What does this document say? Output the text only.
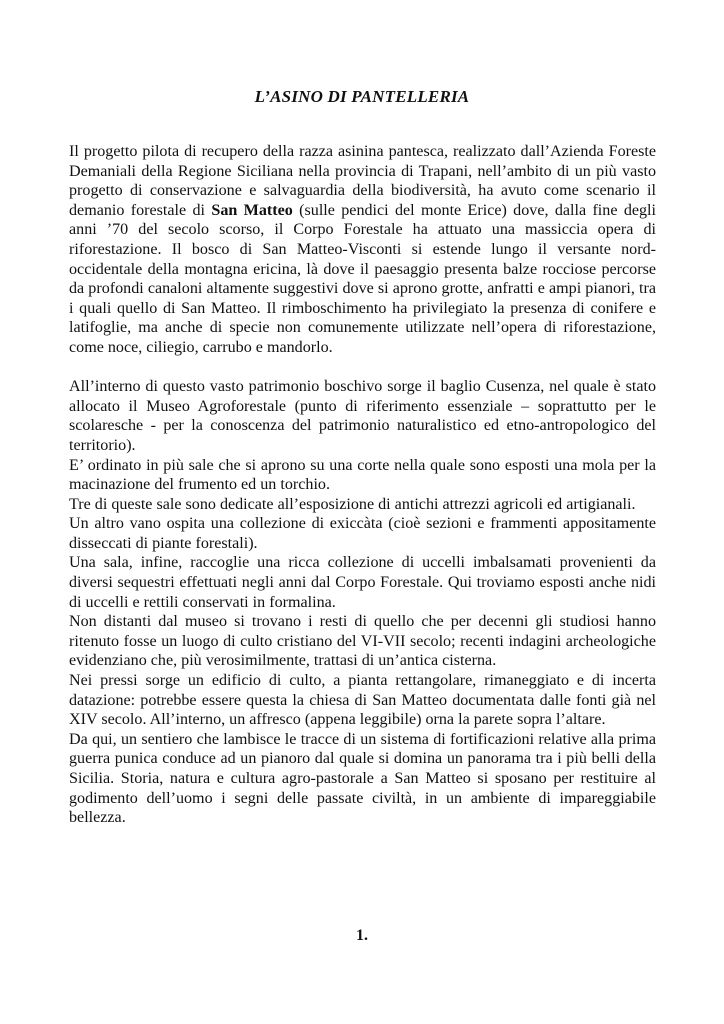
L’ASINO DI PANTELLERIA

Il progetto pilota di recupero della razza asinina pantesca, realizzato dall’Azienda Foreste Demaniali della Regione Siciliana nella provincia di Trapani, nell’ambito di un più vasto progetto di conservazione e salvaguardia della biodiversità, ha avuto come scenario il demanio forestale di San Matteo (sulle pendici del monte Erice) dove, dalla fine degli anni ’70 del secolo scorso, il Corpo Forestale ha attuato una massiccia opera di riforestazione. Il bosco di San Matteo-Visconti si estende lungo il versante nord-occidentale della montagna ericina, là dove il paesaggio presenta balze rocciose percorse da profondi canaloni altamente suggestivi dove si aprono grotte, anfratti e ampi pianori, tra i quali quello di San Matteo. Il rimboschimento ha privilegiato la presenza di conifere e latifoglie, ma anche di specie non comunemente utilizzate nell’opera di riforestazione, come noce, ciliegio, carrubo e mandorlo.

All’interno di questo vasto patrimonio boschivo sorge il baglio Cusenza, nel quale è stato allocato il Museo Agroforestale (punto di riferimento essenziale – soprattutto per le scolaresche - per la conoscenza del patrimonio naturalistico ed etno-antropologico del territorio).

E’ ordinato in più sale che si aprono su una corte nella quale sono esposti una mola per la macinazione del frumento ed un torchio.

Tre di queste sale sono dedicate all’esposizione di antichi attrezzi agricoli ed artigianali.

Un altro vano ospita una collezione di exiccàta (cioè sezioni e frammenti appositamente disseccati di piante forestali).

Una sala, infine, raccoglie una ricca collezione di uccelli imbalsamati provenienti da diversi sequestri effettuati negli anni dal Corpo Forestale. Qui troviamo esposti anche nidi di uccelli e rettili conservati in formalina.

Non distanti dal museo si trovano i resti di quello che per decenni gli studiosi hanno ritenuto fosse un luogo di culto cristiano del VI-VII secolo; recenti indagini archeologiche evidenziano che, più verosimilmente, trattasi di un’antica cisterna.

Nei pressi sorge un edificio di culto, a pianta rettangolare, rimaneggiato e di incerta datazione: potrebbe essere questa la chiesa di San Matteo documentata dalle fonti già nel XIV secolo. All’interno, un affresco (appena leggibile) orna la parete sopra l’altare.

Da qui, un sentiero che lambisce le tracce di un sistema di fortificazioni relative alla prima guerra punica conduce ad un pianoro dal quale si domina un panorama tra i più belli della Sicilia. Storia, natura e cultura agro-pastorale a San Matteo si sposano per restituire al godimento dell’uomo i segni delle passate civiltà, in un ambiente di impareggiabile bellezza.

1.
